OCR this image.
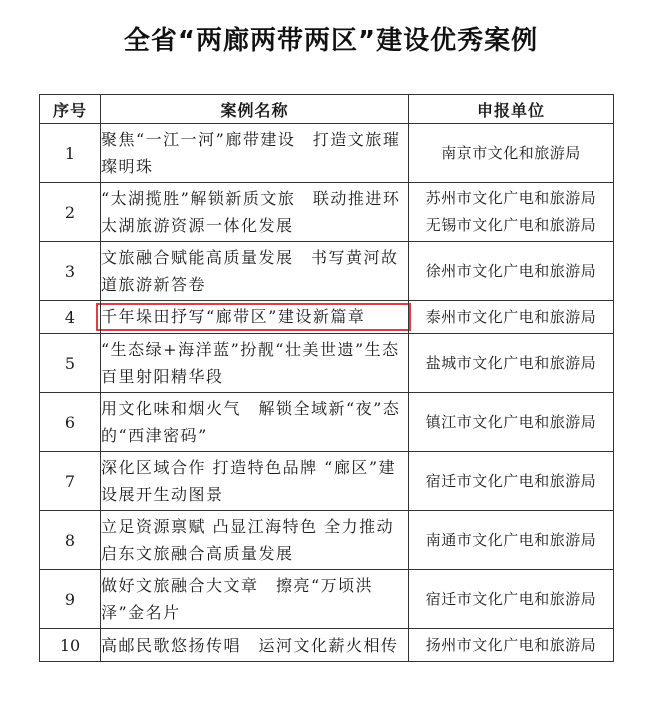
全省“两廊两带两区”建设优秀案例
序号	案例名称	申报单位
1	聚焦“一江一河”廊带建设　打造文旅璀璨明珠	南京市文化和旅游局

2	“太湖揽胜”解锁新质文旅　联动推进环太湖旅游资源一体化发展	苏州市文化广电和旅游局
无锡市文化广电和旅游局

3	文旅融合赋能高质量发展　书写黄河故道旅游新答卷	徐州市文化广电和旅游局

4	千年垛田抒写“廊带区”建设新篇章	泰州市文化广电和旅游局

5	“生态绿+海洋蓝”扮靓“壮美世遗”生态百里射阳精华段	盐城市文化广电和旅游局

6	用文化味和烟火气　解锁全域新“夜”态的“西津密码”	镇江市文化广电和旅游局

7	深化区域合作 打造特色品牌 “廊区”建设展开生动图景	宿迁市文化广电和旅游局

8	立足资源禀赋 凸显江海特色 全力推动启东文旅融合高质量发展	南通市文化广电和旅游局

9	做好文旅融合大文章　擦亮“万顷洪泽”金名片	宿迁市文化广电和旅游局

10	高邮民歌悠扬传唱　运河文化薪火相传	扬州市文化广电和旅游局
